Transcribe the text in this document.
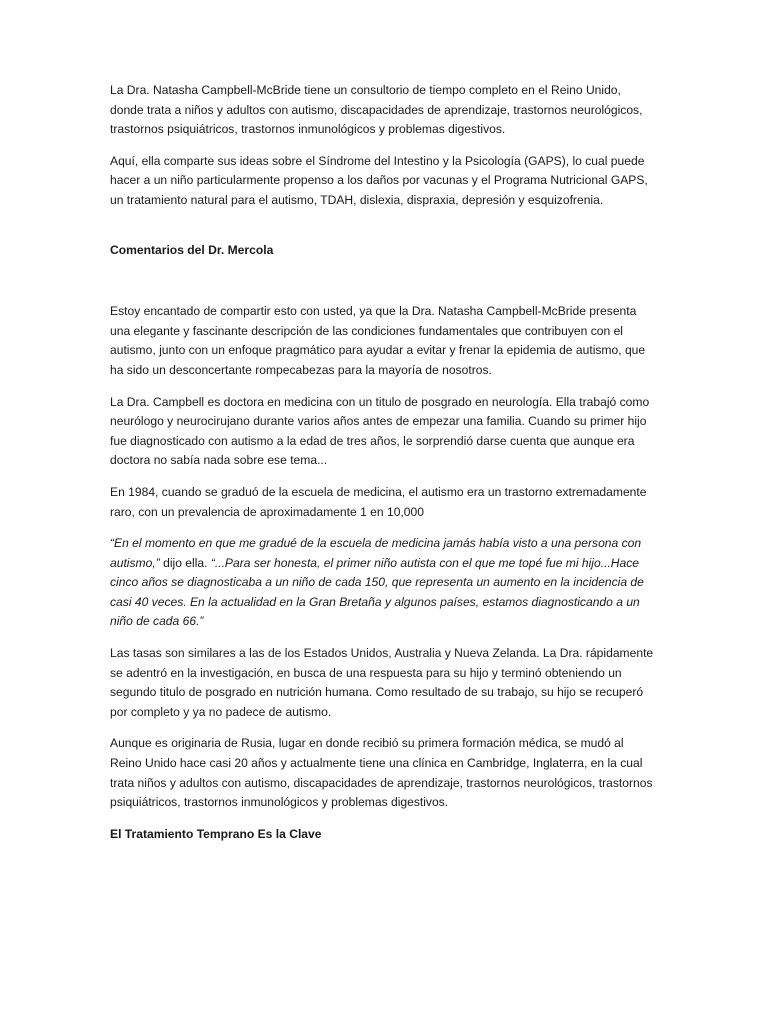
La Dra. Natasha Campbell-McBride tiene un consultorio de tiempo completo en el Reino Unido, donde trata a niños y adultos con autismo, discapacidades de aprendizaje, trastornos neurológicos, trastornos psiquiátricos, trastornos inmunológicos y problemas digestivos.

Aquí, ella comparte sus ideas sobre el Síndrome del Intestino y la Psicología (GAPS), lo cual puede hacer a un niño particularmente propenso a los daños por vacunas y el Programa Nutricional GAPS, un tratamiento natural para el autismo, TDAH, dislexia, dispraxia, depresión y esquizofrenia.

Comentarios del Dr. Mercola

Estoy encantado de compartir esto con usted, ya que la Dra. Natasha Campbell-McBride presenta una elegante y fascinante descripción de las condiciones fundamentales que contribuyen con el autismo, junto con un enfoque pragmático para ayudar a evitar y frenar la epidemia de autismo, que ha sido un desconcertante rompecabezas para la mayoría de nosotros.

La Dra. Campbell es doctora en medicina con un titulo de posgrado en neurología. Ella trabajó como neurólogo y neurocirujano durante varios años antes de empezar una familia. Cuando su primer hijo fue diagnosticado con autismo a la edad de tres años, le sorprendió darse cuenta que aunque era doctora no sabía nada sobre ese tema...

En 1984, cuando se graduó de la escuela de medicina, el autismo era un trastorno extremadamente raro, con un prevalencia de aproximadamente 1 en 10,000

“En el momento en que me gradué de la escuela de medicina jamás había visto a una persona con autismo,” dijo ella. “...Para ser honesta, el primer niño autista con el que me topé fue mi hijo...Hace cinco años se diagnosticaba a un niño de cada 150, que representa un aumento en la incidencia de casi 40 veces. En la actualidad en la Gran Bretaña y algunos países, estamos diagnosticando a un niño de cada 66.”

Las tasas son similares a las de los Estados Unidos, Australia y Nueva Zelanda. La Dra. rápidamente se adentró en la investigación, en busca de una respuesta para su hijo y terminó obteniendo un segundo titulo de posgrado en nutrición humana. Como resultado de su trabajo, su hijo se recuperó por completo y ya no padece de autismo.

Aunque es originaria de Rusia, lugar en donde recibió su primera formación médica, se mudó al Reino Unido hace casi 20 años y actualmente tiene una clínica en Cambridge, Inglaterra, en la cual trata niños y adultos con autismo, discapacidades de aprendizaje, trastornos neurológicos, trastornos psiquiátricos, trastornos inmunológicos y problemas digestivos.

El Tratamiento Temprano Es la Clave
